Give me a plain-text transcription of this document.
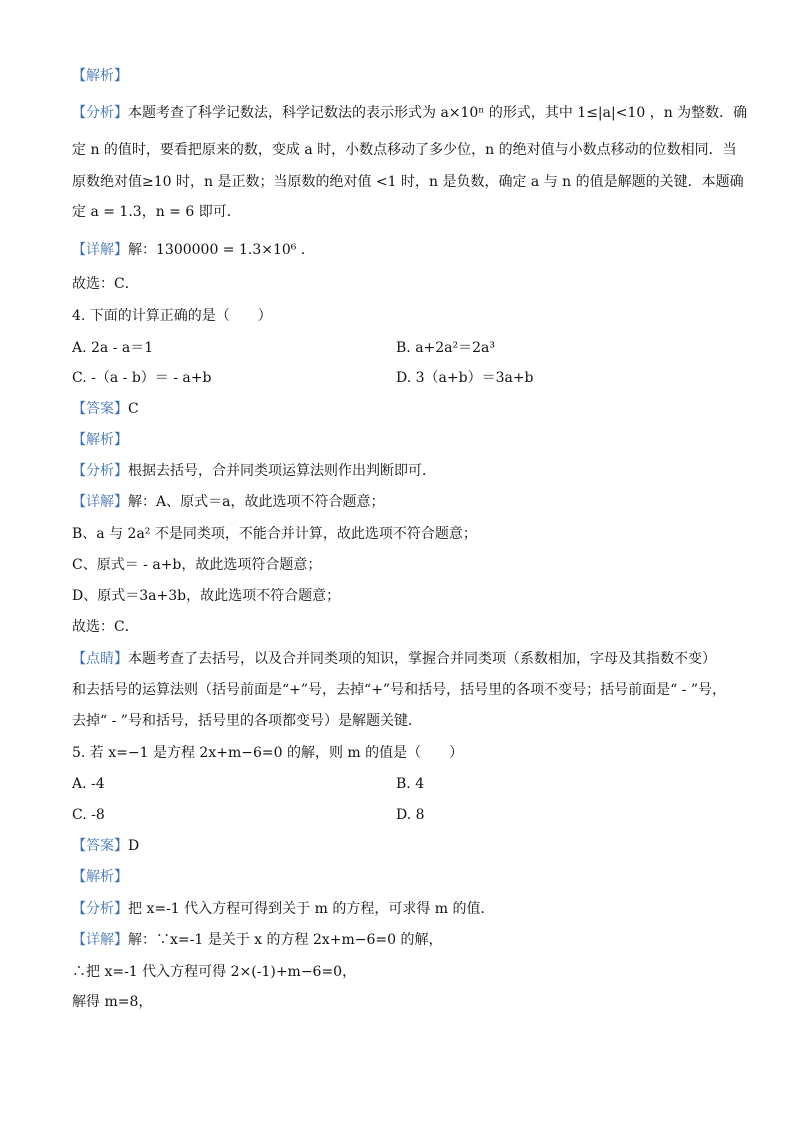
【解析】
【分析】本题考查了科学记数法，科学记数法的表示形式为 a×10ⁿ 的形式，其中 1≤|a|<10 ，n 为整数．确
定 n 的值时，要看把原来的数，变成 a 时，小数点移动了多少位，n 的绝对值与小数点移动的位数相同．当
原数绝对值≥10 时，n 是正数；当原数的绝对值 <1 时，n 是负数，确定 a 与 n 的值是解题的关键．本题确
定 a = 1.3，n = 6 即可．
【详解】解：1300000 = 1.3×10⁶ ．
故选：C．
4. 下面的计算正确的是（　　）
A. 2a - a＝1	B. a+2a²＝2a³
C. -（a - b）＝ - a+b	D. 3（a+b）＝3a+b
【答案】C
【解析】
【分析】根据去括号，合并同类项运算法则作出判断即可．
【详解】解：A、原式＝a，故此选项不符合题意；
B、a 与 2a² 不是同类项，不能合并计算，故此选项不符合题意；
C、原式＝ - a+b，故此选项符合题意；
D、原式＝3a+3b，故此选项不符合题意；
故选：C．
【点睛】本题考查了去括号，以及合并同类项的知识，掌握合并同类项（系数相加，字母及其指数不变）
和去括号的运算法则（括号前面是“+”号，去掉“+”号和括号，括号里的各项不变号；括号前面是“ - ”号，
去掉“ - ”号和括号，括号里的各项都变号）是解题关键．
5. 若 x=−1 是方程 2x+m−6=0 的解，则 m 的值是（　　）
A. -4	B. 4
C. -8	D. 8
【答案】D
【解析】
【分析】把 x=-1 代入方程可得到关于 m 的方程，可求得 m 的值．
【详解】解：∵x=-1 是关于 x 的方程 2x+m−6=0 的解，
∴把 x=-1 代入方程可得 2×(-1)+m−6=0，
解得 m=8，
